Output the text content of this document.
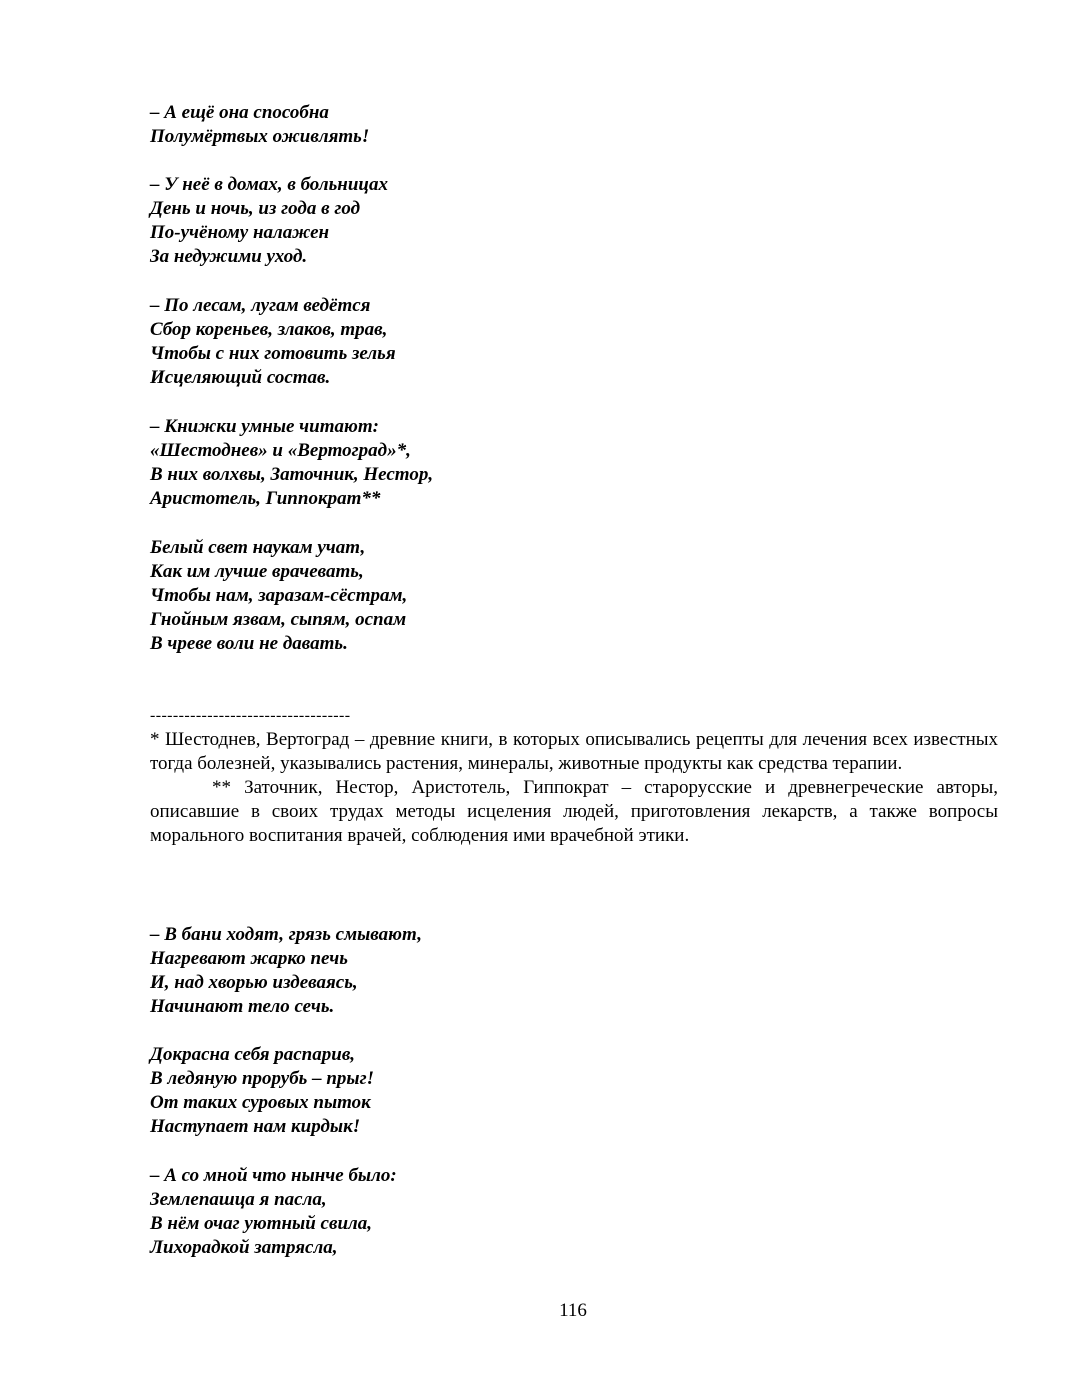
– А ещё она способна
Полумёртвых оживлять!
– У неё в домах, в больницах
День и ночь, из года в год
По-учёному налажен
За недужими уход.
– По лесам, лугам ведётся
Сбор кореньев, злаков, трав,
Чтобы с них готовить зелья
Исцеляющий состав.
– Книжки умные читают:
«Шестоднев» и «Вертоград»*,
В них волхвы, Заточник, Нестор,
Аристотель, Гиппократ**
Белый свет наукам учат,
Как им лучше врачевать,
Чтобы нам, заразам-сёстрам,
Гнойным язвам, сыпям, оспам
В чреве воли не давать.
-----------------------------------

* Шестоднев, Вертоград – древние книги, в которых описывались рецепты для лечения всех известных тогда болезней, указывались растения, минералы, животные продукты как средства терапии.

** Заточник, Нестор, Аристотель, Гиппократ – старорусские и древнегреческие авторы, описавшие в своих трудах методы исцеления людей, приготовления лекарств, а также вопросы морального воспитания врачей, соблюдения ими врачебной этики.

– В бани ходят, грязь смывают,
Нагревают жарко печь
И, над хворью издеваясь,
Начинают тело сечь.
Докрасна себя распарив,
В ледяную прорубь – прыг!
От таких суровых пыток
Наступает нам кирдык!
– А со мной что нынче было:
Землепашца я пасла,
В нём очаг уютный свила,
Лихорадкой затрясла,
116
